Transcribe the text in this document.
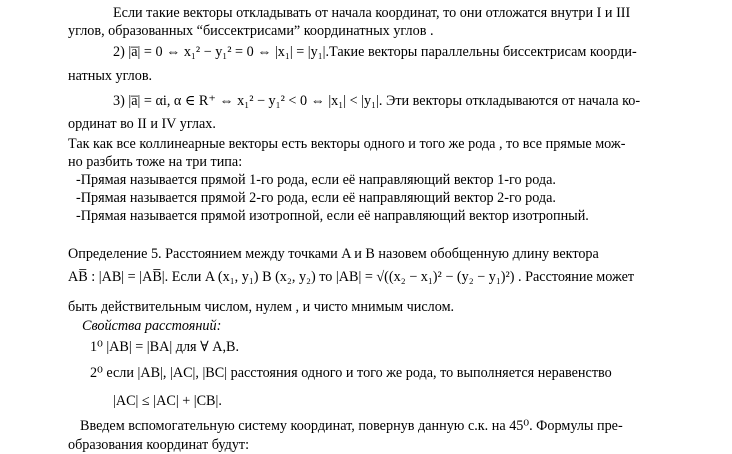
Если такие векторы откладывать от начала координат, то они отложатся внутри I и III
углов, образованных “биссектрисами” координатных углов .
2) |a̅| = 0 ⇔ x₁² − y₁² = 0 ⇔ |x₁| = |y₁|.Такие векторы параллельны биссектрисам коорди-
натных углов.
3) |a̅| = αi, α ∈ R⁺ ⇔ x₁² − y₁² < 0 ⇔ |x₁| < |y₁|. Эти векторы откладываются от начала ко-
ординат во II и IV углах.
Так как все коллинеарные векторы есть векторы одного и того же рода , то все прямые мож-
но разбить тоже на три типа:
-Прямая называется прямой 1-го рода, если её направляющий вектор 1-го рода.
-Прямая называется прямой 2-го рода, если её направляющий вектор 2-го рода.
-Прямая называется прямой изотропной, если её направляющий вектор изотропный.
Определение 5. Расстоянием между точками A и B назовем обобщенную длину вектора
AB̅ : |AB| = |AB̅|. Если A (x₁, y₁) B (x₂, y₂) то |AB| = √((x₂ − x₁)² − (y₂ − y₁)²) . Расстояние может
быть действительным числом, нулем , и чисто мнимым числом.
Свойства расстояний:
1⁰ |AB| = |BA| для ∀ A,B.
2⁰ если |AB|, |AC|, |BC| расстояния одного и того же рода, то выполняется неравенство
|AC| ≤ |AC| + |CB|.
Введем вспомогательную систему координат, повернув данную с.к. на 45⁰. Формулы пре-
образования координат будут:
